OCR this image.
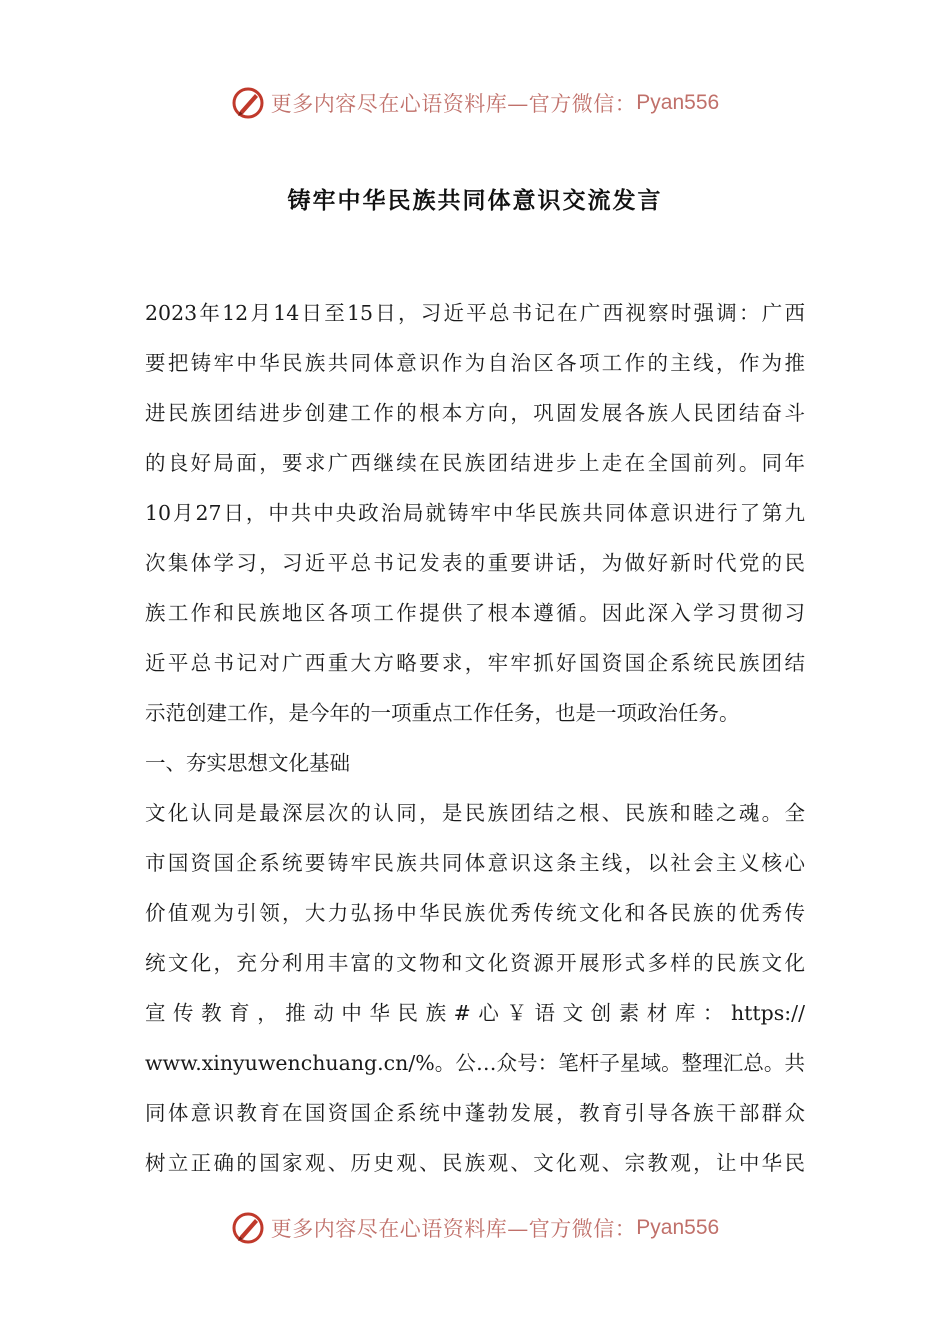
更多内容尽在心语资料库—官方微信： Pyan556
铸牢中华民族共同体意识交流发言
2023年12月14日至15日，习近平总书记在广西视察时强调：广西
要把铸牢中华民族共同体意识作为自治区各项工作的主线，作为推
进民族团结进步创建工作的根本方向，巩固发展各族人民团结奋斗
的良好局面，要求广西继续在民族团结进步上走在全国前列。同年
10月27日，中共中央政治局就铸牢中华民族共同体意识进行了第九
次集体学习，习近平总书记发表的重要讲话，为做好新时代党的民
族工作和民族地区各项工作提供了根本遵循。因此深入学习贯彻习
近平总书记对广西重大方略要求，牢牢抓好国资国企系统民族团结
示范创建工作，是今年的一项重点工作任务，也是一项政治任务。
一、夯实思想文化基础
文化认同是最深层次的认同，是民族团结之根、民族和睦之魂。全
市国资国企系统要铸牢民族共同体意识这条主线，以社会主义核心
价值观为引领，大力弘扬中华民族优秀传统文化和各民族的优秀传
统文化，充分利用丰富的文物和文化资源开展形式多样的民族文化
宣传教育，推动中华民族#心￥语文创素材库：https://
www.xinyuwenchuang.cn/%。公…众号：笔杆子星域。整理汇总。共
同体意识教育在国资国企系统中蓬勃发展，教育引导各族干部群众
树立正确的国家观、历史观、民族观、文化观、宗教观，让中华民
更多内容尽在心语资料库—官方微信： Pyan556
